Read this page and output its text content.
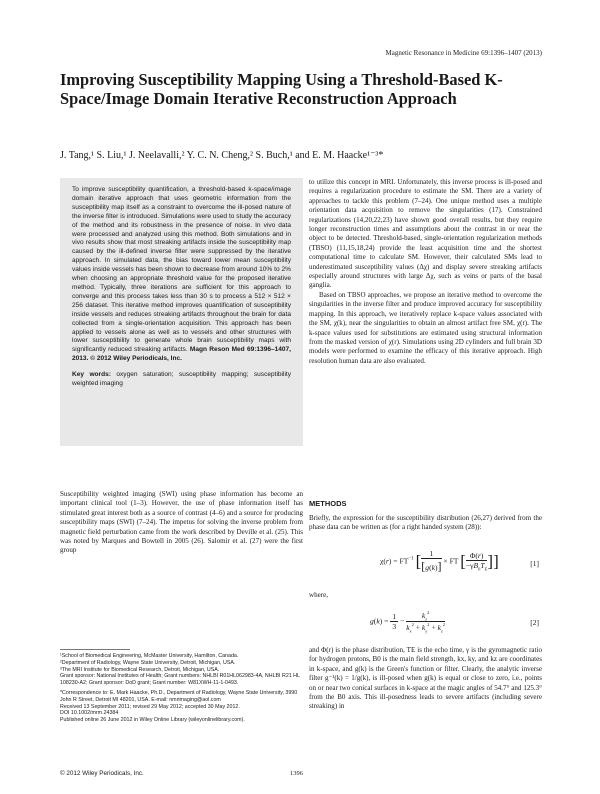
Magnetic Resonance in Medicine 69:1396–1407 (2013)
Improving Susceptibility Mapping Using a Threshold-Based K-Space/Image Domain Iterative Reconstruction Approach
J. Tang,¹ S. Liu,¹ J. Neelavalli,² Y. C. N. Cheng,² S. Buch,¹ and E. M. Haacke¹⁻³*

To improve susceptibility quantification, a threshold-based k-space/image domain iterative approach that uses geometric information from the susceptibility map itself as a constraint to overcome the ill-posed nature of the inverse filter is introduced. Simulations were used to study the accuracy of the method and its robustness in the presence of noise. In vivo data were processed and analyzed using this method. Both simulations and in vivo results show that most streaking artifacts inside the susceptibility map caused by the ill-defined inverse filter were suppressed by the iterative approach. In simulated data, the bias toward lower mean susceptibility values inside vessels has been shown to decrease from around 10% to 2% when choosing an appropriate threshold value for the proposed iterative method. Typically, three iterations are sufficient for this approach to converge and this process takes less than 30 s to process a 512 × 512 × 256 dataset. This iterative method improves quantification of susceptibility inside vessels and reduces streaking artifacts throughout the brain for data collected from a single-orientation acquisition. This approach has been applied to vessels alone as well as to vessels and other structures with lower susceptibility to generate whole brain susceptibility maps with significantly reduced streaking artifacts. Magn Reson Med 69:1396–1407, 2013. © 2012 Wiley Periodicals, Inc.

Key words: oxygen saturation; susceptibility mapping; susceptibility weighted imaging

Susceptibility weighted imaging (SWI) using phase information has become an important clinical tool (1–3). However, the use of phase information itself has stimulated great interest both as a source of contrast (4–6) and a source for producing susceptibility maps (SWI) (7–24). The impetus for solving the inverse problem from magnetic field perturbation came from the work described by Deville et al. (25). This was noted by Marques and Bowtell in 2005 (26). Salomir et al. (27) were the first group

to utilize this concept in MRI. Unfortunately, this inverse process is ill-posed and requires a regularization procedure to estimate the SM. There are a variety of approaches to tackle this problem (7–24). One unique method uses a multiple orientation data acquisition to remove the singularities (17). Constrained regularizations (14,20,22,23) have shown good overall results, but they require longer reconstruction times and assumptions about the contrast in or near the object to be detected. Threshold-based, single-orientation regularization methods (TBSO) (11,15,18,24) provide the least acquisition time and the shortest computational time to calculate SM. However, their calculated SMs lead to underestimated susceptibility values (Δχ) and display severe streaking artifacts especially around structures with large Δχ, such as veins or parts of the basal ganglia.

Based on TBSO approaches, we propose an iterative method to overcome the singularities in the inverse filter and produce improved accuracy for susceptibility mapping. In this approach, we iteratively replace k-space values associated with the SM, χ(k), near the singularities to obtain an almost artifact free SM, χ(r). The k-space values used for substitutions are estimated using structural information from the masked version of χ(r). Simulations using 2D cylinders and full brain 3D models were performed to examine the efficacy of this iterative approach. High resolution human data are also evaluated.

METHODS
Briefly, the expression for the susceptibility distribution (26,27) derived from the phase data can be written as (for a right handed system (28)):
$\chi(r) = FT^{-1}$ [ $\frac{1}{[g(k)]}$ × FT [ $\frac{\Phi(r)}{-\gamma B_0T_E}$ ]]	[1]
where,
$g(k) = \frac{1}{3} - \frac{k_z^2}{k_x^2 + k_y^2 + k_z^2}$	[2]
and Φ(r) is the phase distribution, TE is the echo time, γ is the gyromagnetic ratio for hydrogen protons, B0 is the main field strength, kx, ky, and kz are coordinates in k-space, and g(k) is the Green's function or filter. Clearly, the analytic inverse filter g⁻¹(k) = 1/g(k), is ill-posed when g(k) is equal or close to zero, i.e., points on or near two conical surfaces in k-space at the magic angles of 54.7° and 125.3° from the B0 axis. This ill-posedness leads to severe artifacts (including severe streaking) in

¹School of Biomedical Engineering, McMaster University, Hamilton, Canada.

²Department of Radiology, Wayne State University, Detroit, Michigan, USA.

³The MRI Institute for Biomedical Research, Detroit, Michigan, USA.

Grant sponsor: National Institutes of Health; Grant numbers: NHLBI R01HL062983-4A, NHLBI R21 HL 108230-A2; Grant sponsor: DoD grant; Grant number: W81XWH-11-1-0493.

*Correspondence to: E. Mark Haacke, Ph.D., Department of Radiology, Wayne State University, 3990 John R Street, Detroit MI 48201, USA. E-mail: nmrimaging@aol.com

Received 13 September 2011; revised 29 May 2012; accepted 30 May 2012.

DOI 10.1002/mrm.24384

Published online 26 June 2012 in Wiley Online Library (wileyonlinelibrary.com).

© 2012 Wiley Periodicals, Inc.	1396
